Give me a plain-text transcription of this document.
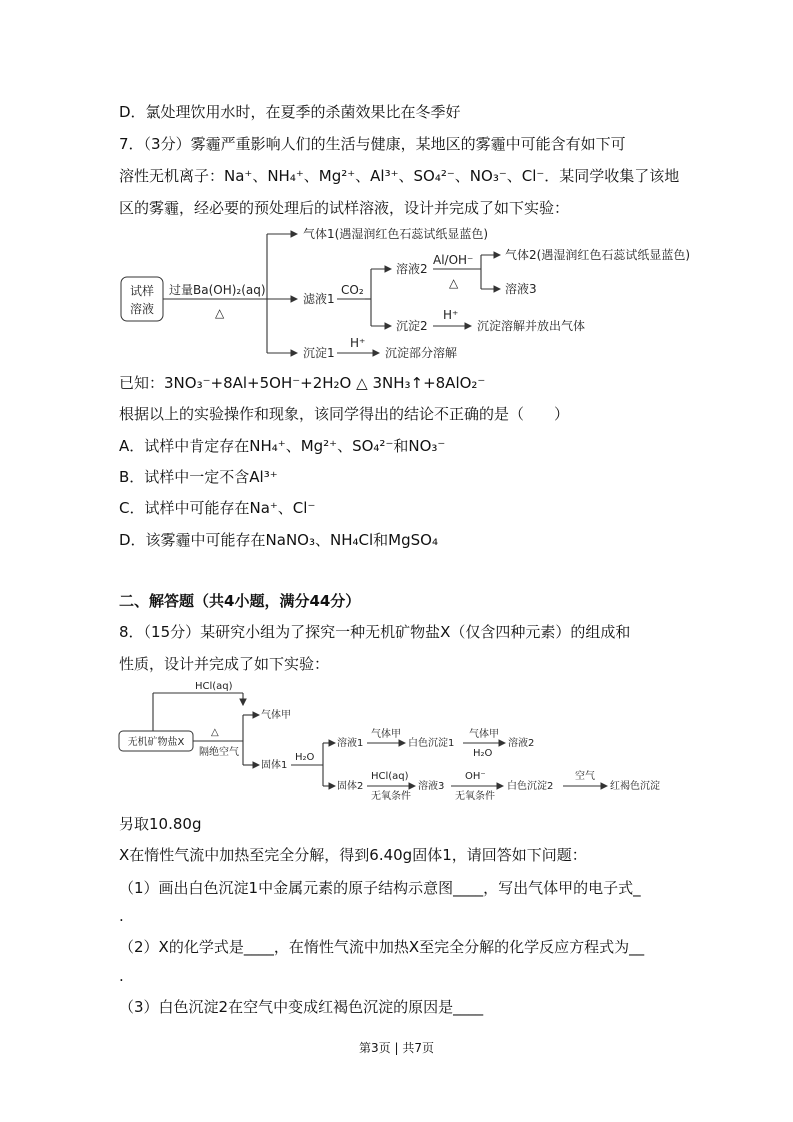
D．氯处理饮用水时，在夏季的杀菌效果比在冬季好
7．（3分）雾霾严重影响人们的生活与健康，某地区的雾霾中可能含有如下可
溶性无机离子：Na⁺、NH₄⁺、Mg²⁺、Al³⁺、SO₄²⁻、NO₃⁻、Cl⁻．某同学收集了该地
区的雾霾，经必要的预处理后的试样溶液，设计并完成了如下实验：
试样
溶液
过量Ba(OH)₂(aq)
△
气体1(遇湿润红色石蕊试纸显蓝色)
滤液1
沉淀1
H⁺
沉淀部分溶解
CO₂
溶液2
沉淀2
H⁺
沉淀溶解并放出气体
Al/OH⁻
△
气体2(遇湿润红色石蕊试纸显蓝色)
溶液3
已知：3NO₃⁻+8Al+5OH⁻+2H₂O △ 3NH₃↑+8AlO₂⁻
根据以上的实验操作和现象，该同学得出的结论不正确的是（　　）
A．试样中肯定存在NH₄⁺、Mg²⁺、SO₄²⁻和NO₃⁻
B．试样中一定不含Al³⁺
C．试样中可能存在Na⁺、Cl⁻
D．该雾霾中可能存在NaNO₃、NH₄Cl和MgSO₄
二、解答题（共4小题，满分44分）
8．（15分）某研究小组为了探究一种无机矿物盐X（仅含四种元素）的组成和
性质，设计并完成了如下实验：
HCl(aq)
无机矿物盐X
△
隔绝空气
气体甲
固体1
H₂O
溶液1
气体甲
白色沉淀1
气体甲
H₂O
溶液2
固体2
HCl(aq)
无氧条件
溶液3
OH⁻
无氧条件
白色沉淀2
空气
红褐色沉淀
另取10.80g
X在惰性气流中加热至完全分解，得到6.40g固体1，请回答如下问题：
（1）画出白色沉淀1中金属元素的原子结构示意图____，写出气体甲的电子式_
.
（2）X的化学式是____，在惰性气流中加热X至完全分解的化学反应方程式为__
.
（3）白色沉淀2在空气中变成红褐色沉淀的原因是____
第3页 | 共7页
